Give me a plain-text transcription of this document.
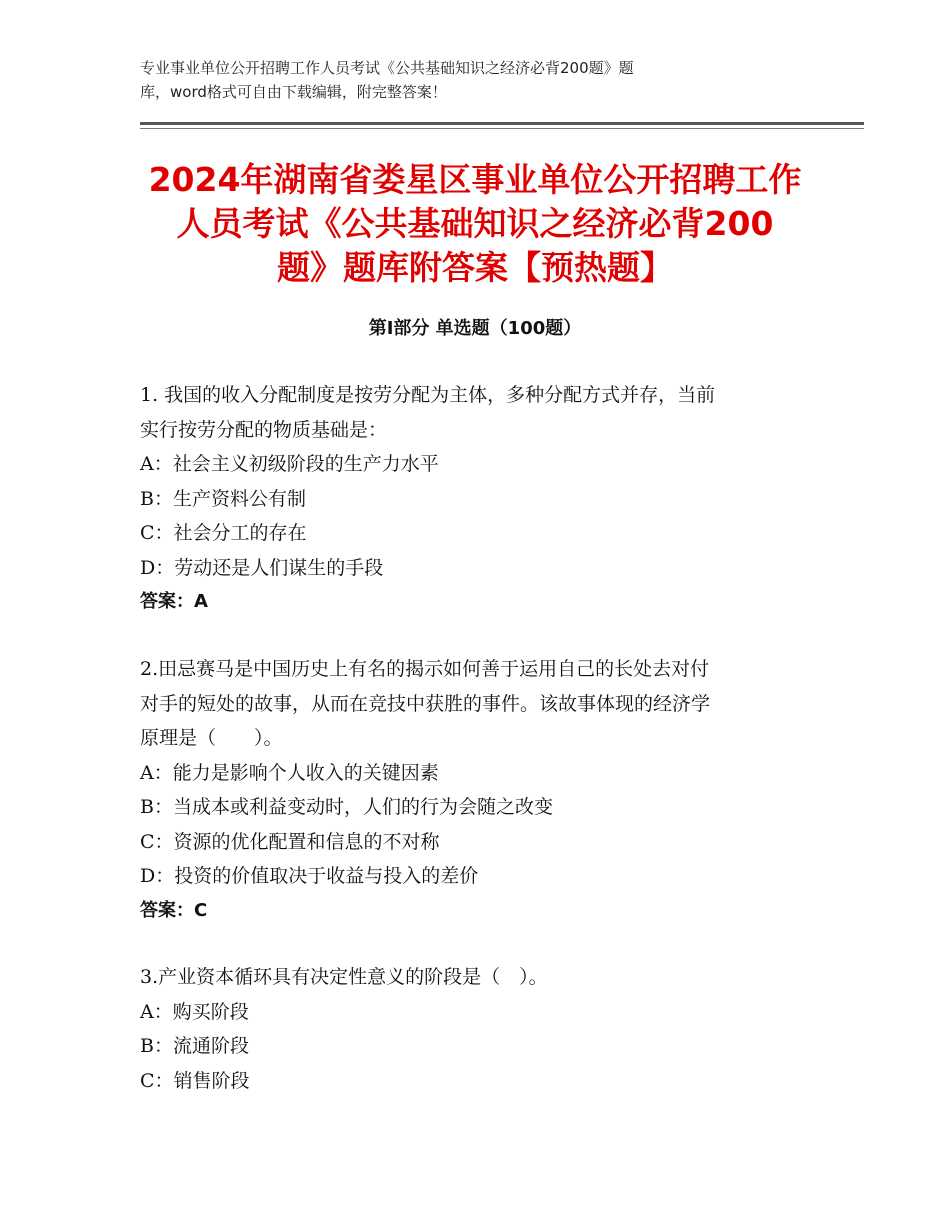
专业事业单位公开招聘工作人员考试《公共基础知识之经济必背200题》题
库，word格式可自由下载编辑，附完整答案！
2024年湖南省娄星区事业单位公开招聘工作
人员考试《公共基础知识之经济必背200
题》题库附答案【预热题】
第Ⅰ部分 单选题（100题）
1. 我国的收入分配制度是按劳分配为主体，多种分配方式并存，当前
实行按劳分配的物质基础是：
A：社会主义初级阶段的生产力水平
B：生产资料公有制
C：社会分工的存在
D：劳动还是人们谋生的手段
答案：A
2.田忌赛马是中国历史上有名的揭示如何善于运用自己的长处去对付
对手的短处的故事，从而在竞技中获胜的事件。该故事体现的经济学
原理是（　　）。
A：能力是影响个人收入的关键因素
B：当成本或利益变动时，人们的行为会随之改变
C：资源的优化配置和信息的不对称
D：投资的价值取决于收益与投入的差价
答案：C
3.产业资本循环具有决定性意义的阶段是（　）。
A：购买阶段
B：流通阶段
C：销售阶段
